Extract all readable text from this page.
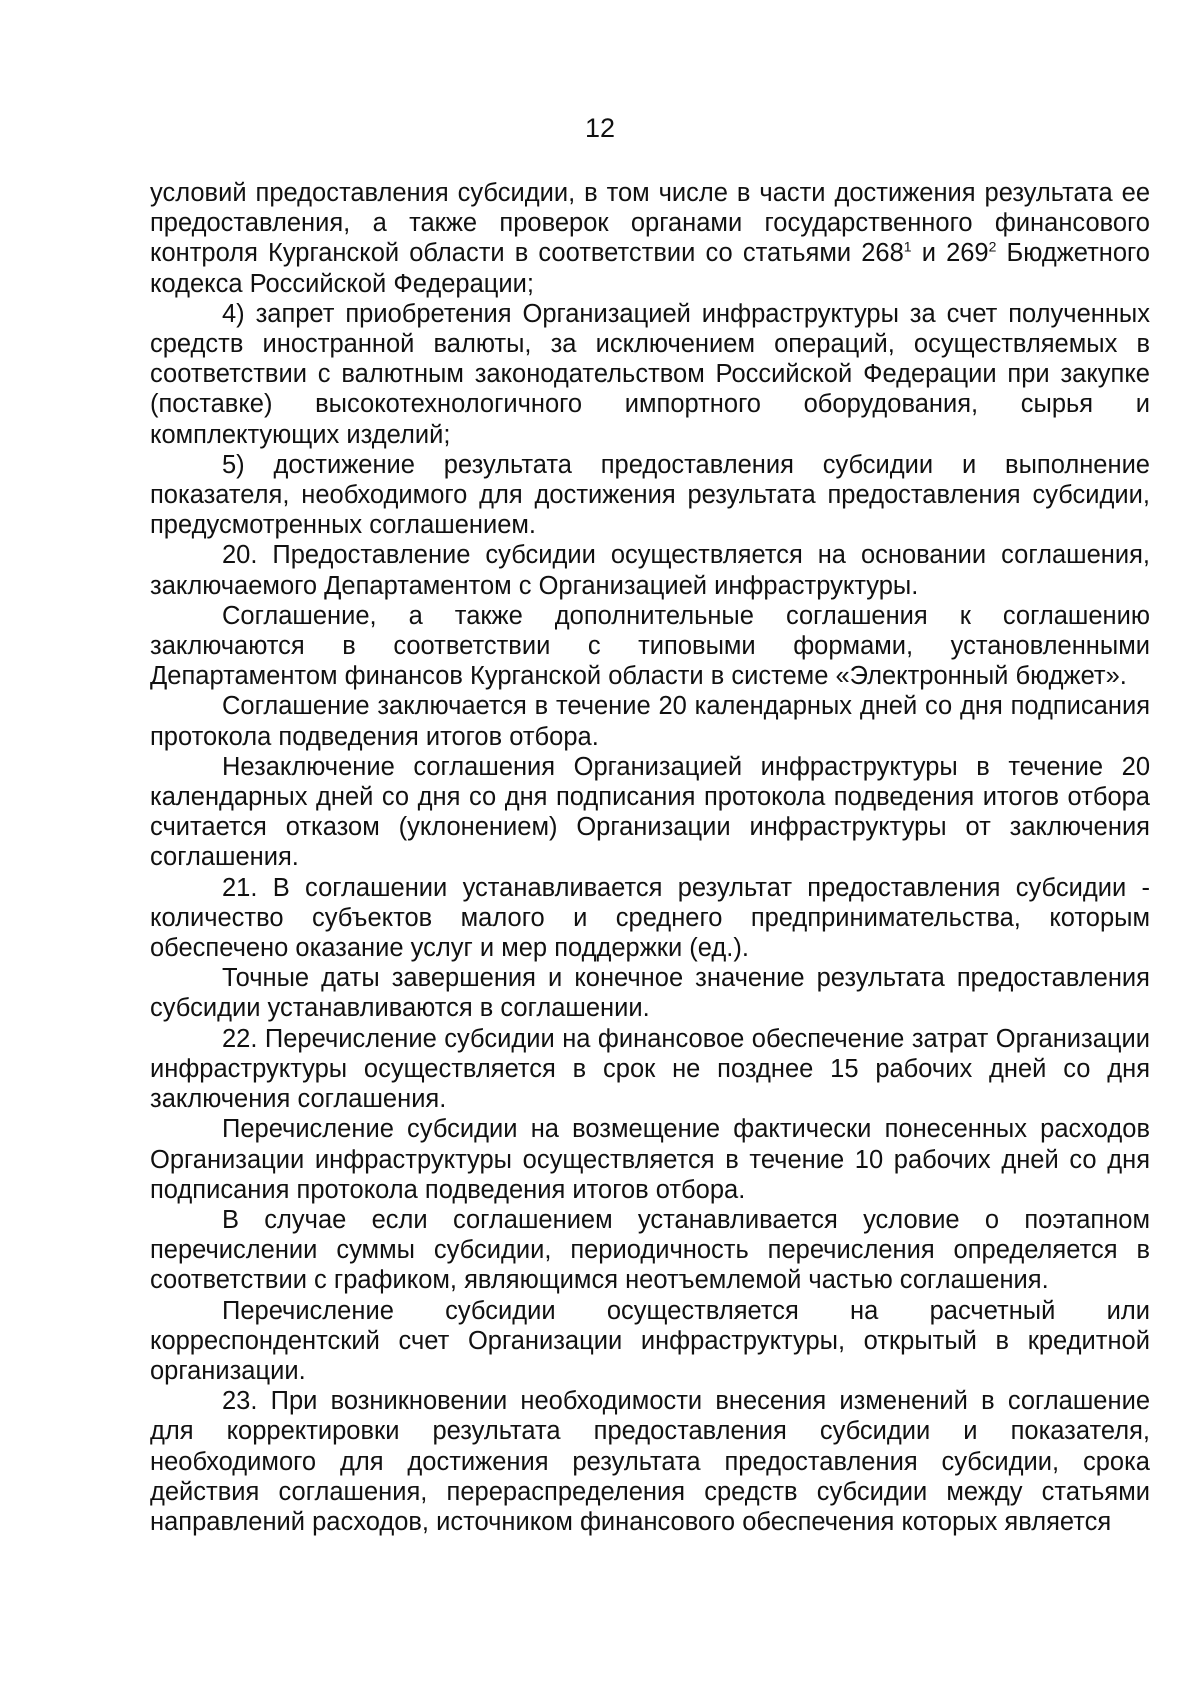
12

условий предоставления субсидии, в том числе в части достижения результата ее предоставления, а также проверок органами государственного финансового контроля Курганской области в соответствии со статьями $268^1$ и $269^2$ Бюджетного кодекса Российской Федерации;

4) запрет приобретения Организацией инфраструктуры за счет полученных средств иностранной валюты, за исключением операций, осуществляемых в соответствии с валютным законодательством Российской Федерации при закупке (поставке) высокотехнологичного импортного оборудования, сырья и комплектующих изделий;

5) достижение результата предоставления субсидии и выполнение показателя, необходимого для достижения результата предоставления субсидии, предусмотренных соглашением.

20. Предоставление субсидии осуществляется на основании соглашения, заключаемого Департаментом с Организацией инфраструктуры.

Соглашение, а также дополнительные соглашения к соглашению заключаются в соответствии с типовыми формами, установленными Департаментом финансов Курганской области в системе «Электронный бюджет».

Соглашение заключается в течение 20 календарных дней со дня подписания протокола подведения итогов отбора.

Незаключение соглашения Организацией инфраструктуры в течение 20 календарных дней со дня со дня подписания протокола подведения итогов отбора считается отказом (уклонением) Организации инфраструктуры от заключения соглашения.

21. В соглашении устанавливается результат предоставления субсидии - количество субъектов малого и среднего предпринимательства, которым обеспечено оказание услуг и мер поддержки (ед.).

Точные даты завершения и конечное значение результата предоставления субсидии устанавливаются в соглашении.

22. Перечисление субсидии на финансовое обеспечение затрат Организации инфраструктуры осуществляется в срок не позднее 15 рабочих дней со дня заключения соглашения.

Перечисление субсидии на возмещение фактически понесенных расходов Организации инфраструктуры осуществляется в течение 10 рабочих дней со дня подписания протокола подведения итогов отбора.

В случае если соглашением устанавливается условие о поэтапном перечислении суммы субсидии, периодичность перечисления определяется в соответствии с графиком, являющимся неотъемлемой частью соглашения.

Перечисление субсидии осуществляется на расчетный или корреспондентский счет Организации инфраструктуры, открытый в кредитной организации.

23. При возникновении необходимости внесения изменений в соглашение для корректировки результата предоставления субсидии и показателя, необходимого для достижения результата предоставления субсидии, срока действия соглашения, перераспределения средств субсидии между статьями направлений расходов, источником финансового обеспечения которых является
